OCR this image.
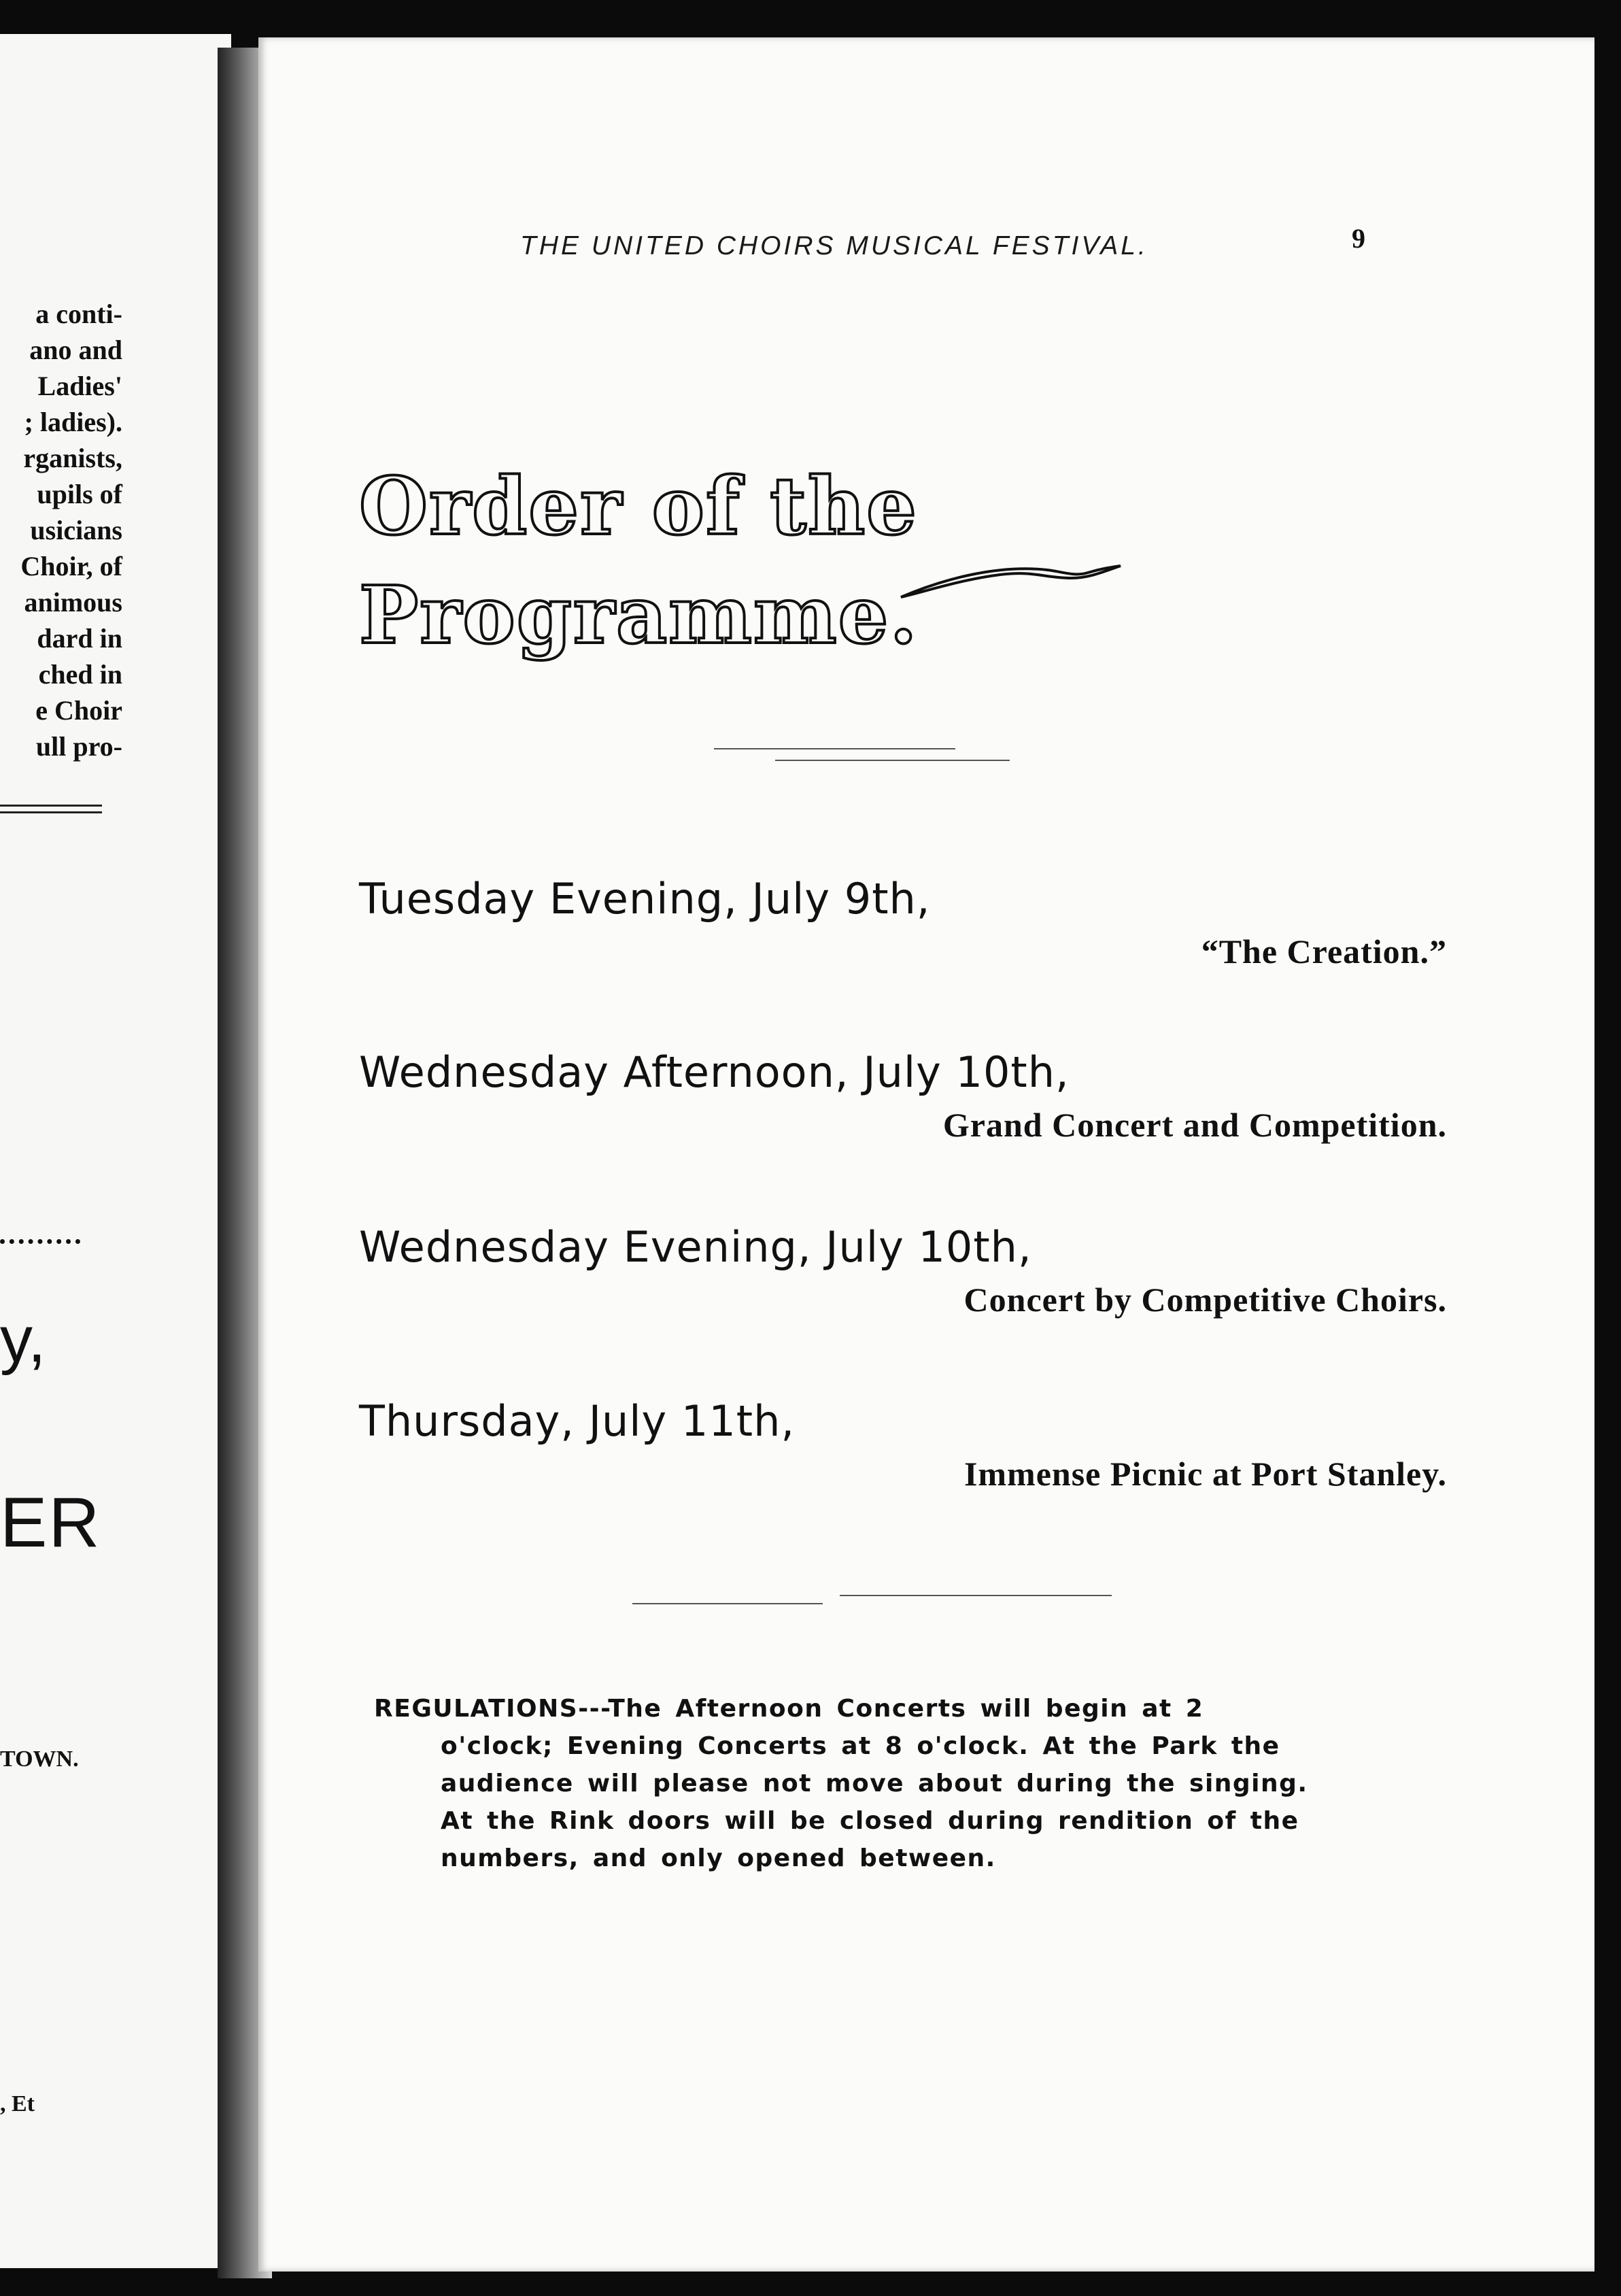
a conti-
ano and
Ladies'
; ladies).
rganists,
upils of
usicians
Choir, of
animous
dard in
ched in
e Choir
ull pro-
y,
ER
TOWN.
, Et
THE UNITED CHOIRS MUSICAL FESTIVAL.	9
Order of the
Programme.
Tuesday Evening, July 9th,
“The Creation.”
Wednesday Afternoon, July 10th,
Grand Concert and Competition.
Wednesday Evening, July 10th,
Concert by Competitive Choirs.
Thursday, July 11th,
Immense Picnic at Port Stanley.
REGULATIONS---The Afternoon Concerts will begin at 2
o'clock; Evening Concerts at 8 o'clock. At the Park the
audience will please not move about during the singing.
At the Rink doors will be closed during rendition of the
numbers, and only opened between.
